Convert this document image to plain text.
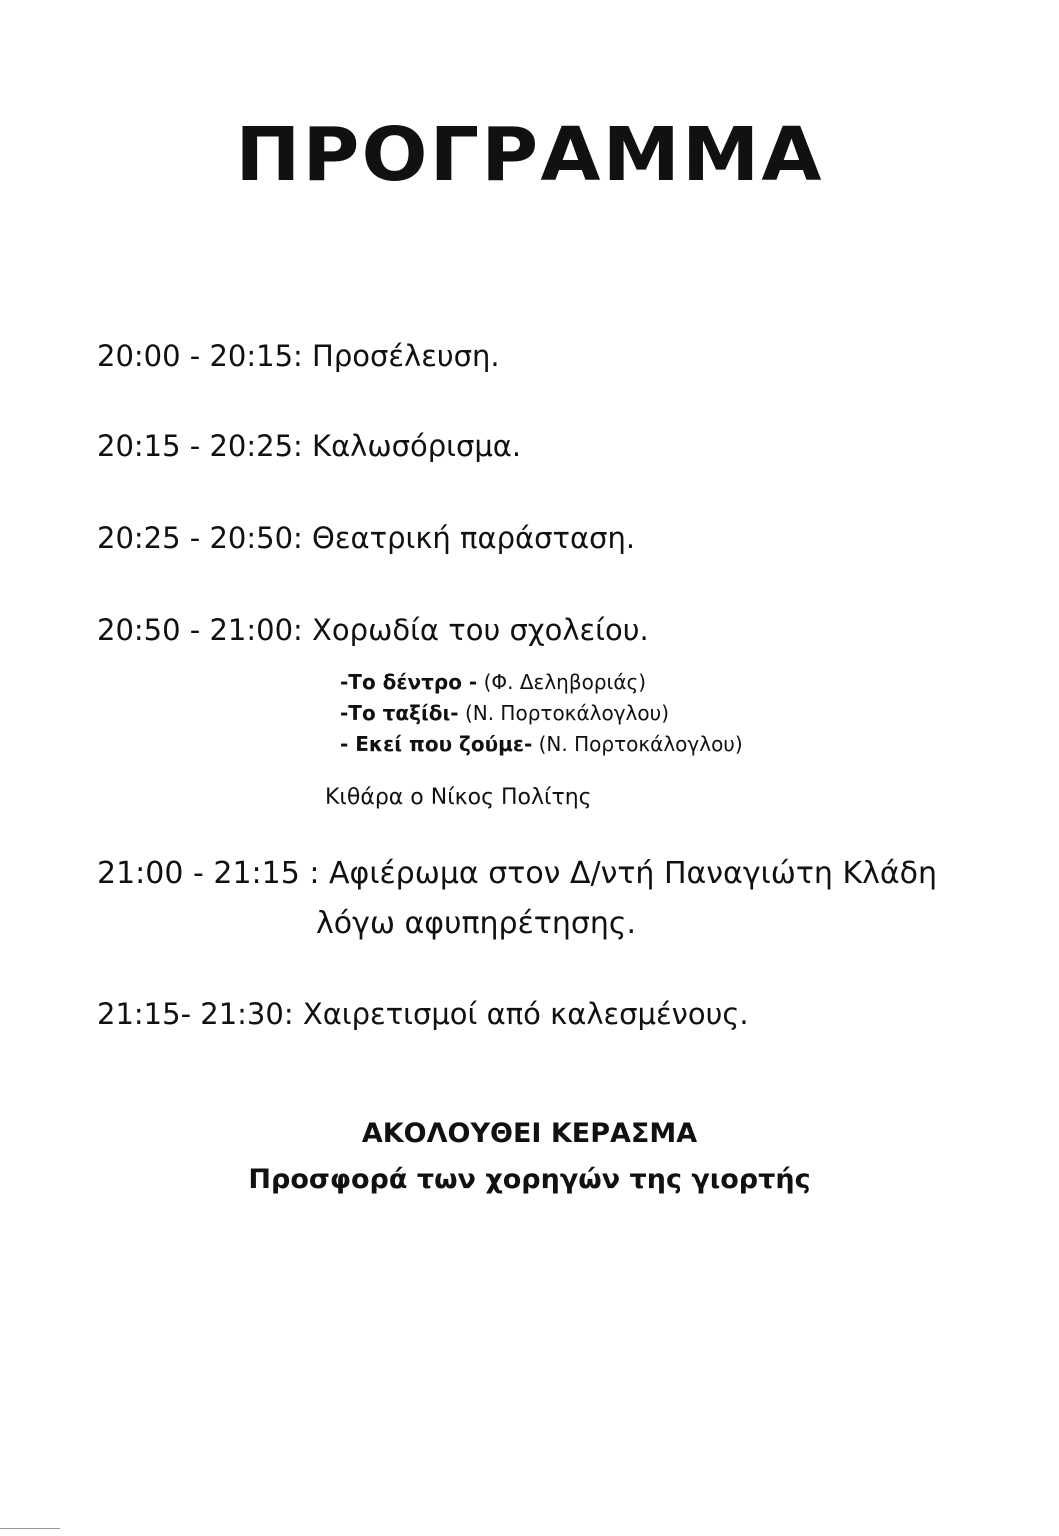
ΠΡΟΓΡΑΜΜΑ
20:00 - 20:15: Προσέλευση.
20:15 - 20:25: Καλωσόρισμα.
20:25 - 20:50: Θεατρική παράσταση.
20:50 - 21:00: Χορωδία του σχολείου.
-Το δέντρο - (Φ. Δεληβοριάς)
-Το ταξίδι- (Ν. Πορτοκάλογλου)
- Εκεί που ζούμε- (Ν. Πορτοκάλογλου)
Κιθάρα ο Νίκος Πολίτης
21:00 - 21:15 : Αφιέρωμα στον Δ/ντή Παναγιώτη Κλάδη
λόγω αφυπηρέτησης.
21:15- 21:30: Χαιρετισμοί από καλεσμένους.
ΑΚΟΛΟΥΘΕΙ ΚΕΡΑΣΜΑ
Προσφορά των χορηγών της γιορτής
